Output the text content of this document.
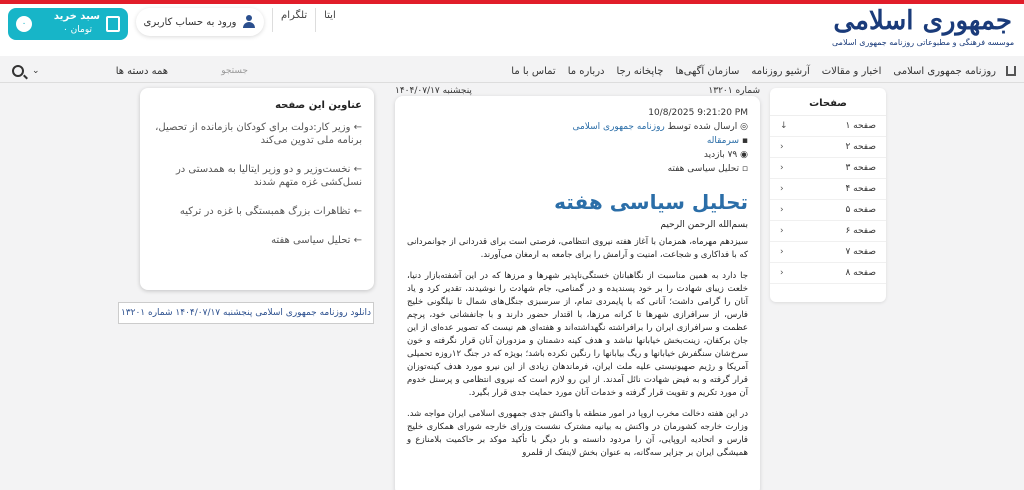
جمهوری اسلامی
موسسه فرهنگی و مطبوعاتی روزنامه جمهوری اسلامی
ایتا
تلگرام
ورود به حساب کاربری
سبد خرید
۰ تومان
۰
روزنامه جمهوری اسلامی
اخبار و مقالات
آرشیو روزنامه
سازمان آگهی‌ها
چاپخانه رجا
درباره ما
تماس با ما
جستجو
همه دسته ها
⌄
صفحات
صفحه ۱
↓
صفحه ۲
‹
صفحه ۳
‹
صفحه ۴
‹
صفحه ۵
‹
صفحه ۶
‹
صفحه ۷
‹
صفحه ۸
‹
شماره ۱۳۲۰۱
پنجشنبه ۱۴۰۴/۰۷/۱۷
10/8/2025 9:21:20 PM
◎ ارسال شده توسط روزنامه جمهوری اسلامی
▪ سرمقاله
◉ ۷۹ بازدید
▫ تحلیل سیاسی هفته
تحلیل سیاسی هفته
بسم‌الله الرحمن الرحیم

سیزدهم مهرماه، همزمان با آغاز هفته نیروی انتظامی، فرصتی است برای قدردانی از جوانمردانی که با فداکاری و شجاعت، امنیت و آرامش را برای جامعه به ارمغان می‌آورند.

جا دارد به همین مناسبت از نگاهبانان خستگی‌ناپذیر شهرها و مرزها که در این آشفته‌بازار دنیا، خلعت زیبای شهادت را بر خود پسندیده و در گمنامی، جام شهادت را نوشیدند، تقدیر کرد و یاد آنان را گرامی داشت؛ آنانی که با پایمردی تمام، از سرسبزی جنگل‌های شمال تا نیلگونی خلیج فارس، از سرافرازی شهرها تا کرانه مرزها، با اقتدار حضور دارند و با جانفشانی خود، پرچم عظمت و سرافرازی ایران را برافراشته نگهداشته‌اند و هفته‌ای هم نیست که تصویر عده‌ای از این جان برکفان، زینت‌بخش خیابانها نباشد و هدف کینه دشمنان و مزدوران آنان قرار نگرفته و خون سرخ‌شان سنگفرش خیابانها و ریگ بیابانها را رنگین نکرده باشد؛ بویژه که در جنگ ۱۲روزه تحمیلی آمریکا و رژیم صهیونیستی علیه ملت ایران، فرماندهان زیادی از این نیرو مورد هدف کینه‌توزان قرار گرفته و به فیض شهادت نائل آمدند. از این رو لازم است که نیروی انتظامی و پرسنل خدوم آن مورد تکریم و تقویت قرار گرفته و خدمات آنان مورد حمایت جدی قرار بگیرد.

در این هفته دخالت مخرب اروپا در امور منطقه با واکنش جدی جمهوری اسلامی ایران مواجه شد. وزارت خارجه کشورمان در واکنش به بیانیه مشترک نشست وزرای خارجه شورای همکاری خلیج فارس و اتحادیه اروپایی، آن را مردود دانسته و بار دیگر با تأکید موکد بر حاکمیت بلامنازع و همیشگی ایران بر جزایر سه‌گانه، به عنوان بخش لاینفک از قلمرو

عناوین این صفحه
← وزیر کار:دولت برای کودکان بازمانده از تحصیل، برنامه ملی تدوین می‌کند
← نخست‌وزیر و دو وزیر ایتالیا به همدستی در نسل‌کشی غزه متهم شدند
← تظاهرات بزرگ همبستگی با غزه در ترکیه
← تحلیل سیاسی هفته
دانلود روزنامه جمهوری اسلامی پنجشنبه ۱۴۰۴/۰۷/۱۷ شماره ۱۳۲۰۱
